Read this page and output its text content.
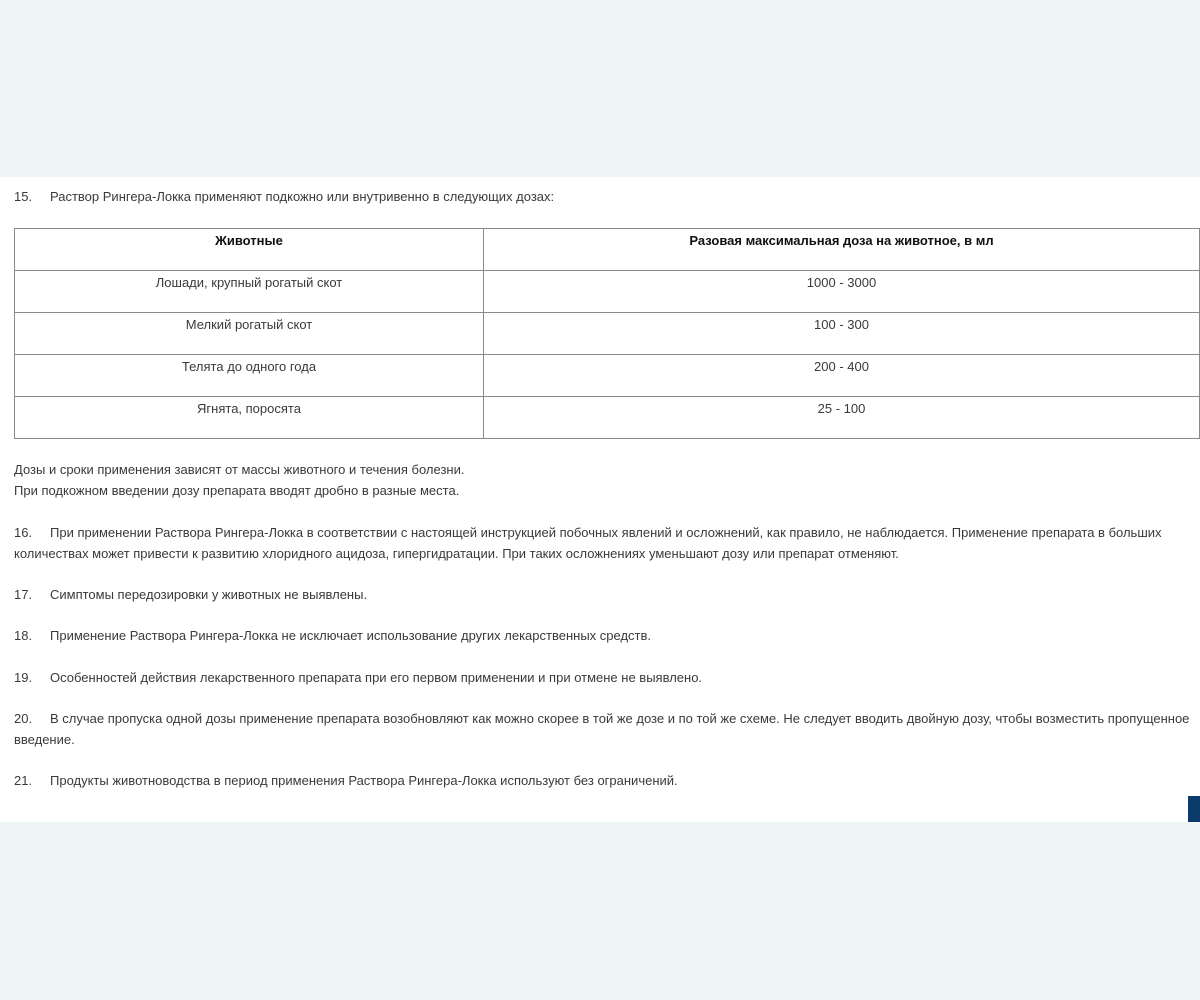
15. Раствор Рингера-Локка применяют подкожно или внутривенно в следующих дозах:
Животные	Разовая максимальная доза на животное, в мл

Лошади, крупный рогатый скот	1000 - 3000

Мелкий рогатый скот	100 - 300

Телята до одного года	200 - 400

Ягнята, поросята	25 - 100
Дозы и сроки применения зависят от массы животного и течения болезни.
При подкожном введении дозу препарата вводят дробно в разные места.
16. При применении Раствора Рингера-Локка в соответствии с настоящей инструкцией побочных явлений и осложнений, как правило, не наблюдается. Применение препарата в больших количествах может привести к развитию хлоридного ацидоза, гипергидратации. При таких осложнениях уменьшают дозу или препарат отменяют.
17. Симптомы передозировки у животных не выявлены.
18. Применение Раствора Рингера-Локка не исключает использование других лекарственных средств.
19. Особенностей действия лекарственного препарата при его первом применении и при отмене не выявлено.
20. В случае пропуска одной дозы применение препарата возобновляют как можно скорее в той же дозе и по той же схеме. Не следует вводить двойную дозу, чтобы возместить пропущенное введение.
21. Продукты животноводства в период применения Раствора Рингера-Локка используют без ограничений.
